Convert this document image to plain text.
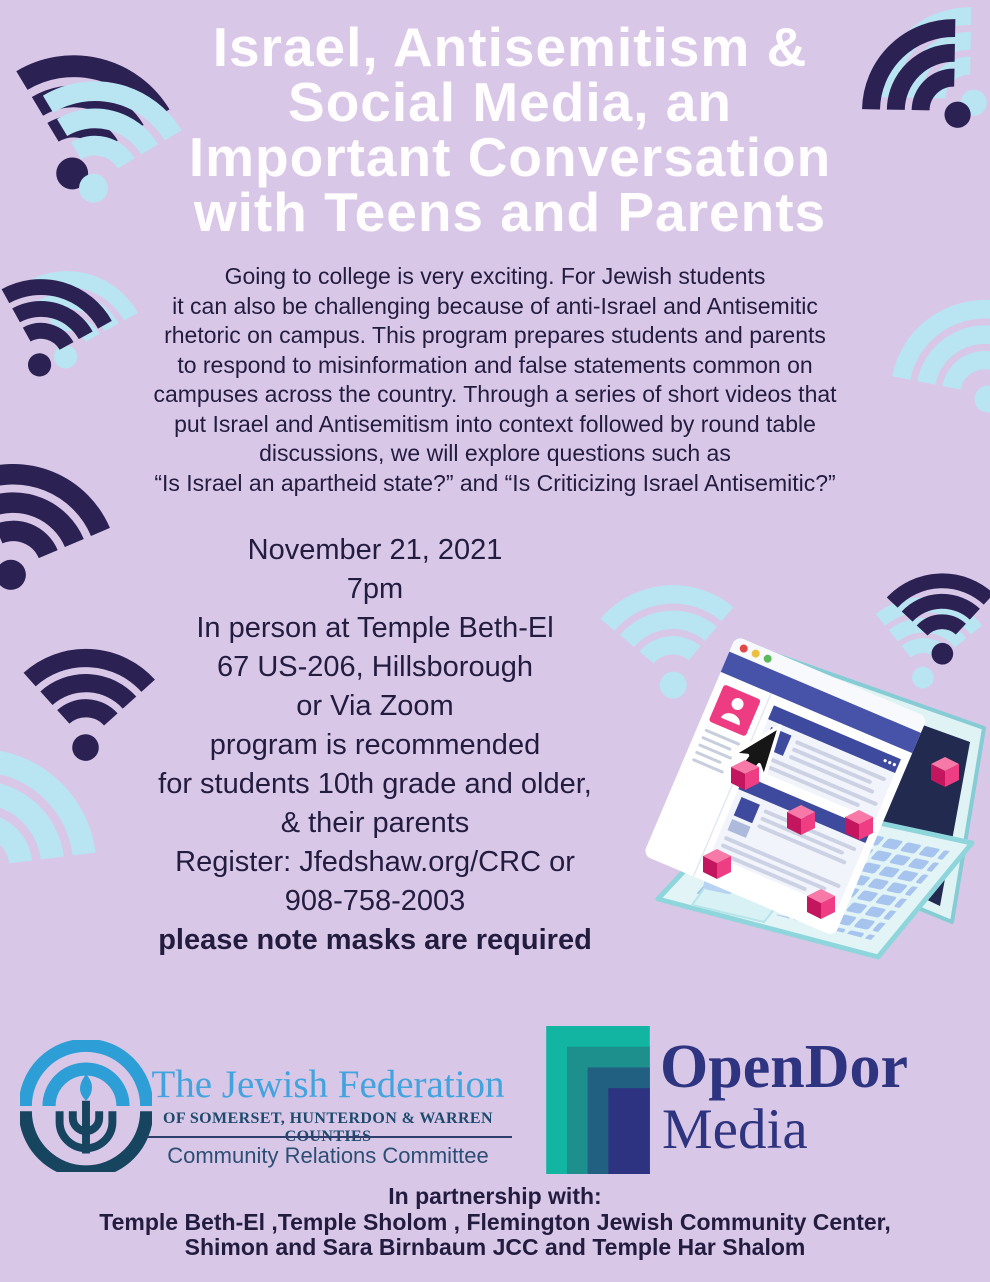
Israel, Antisemitism &
Social Media, an
Important Conversation
with Teens and Parents
Going to college is very exciting. For Jewish students
it can also be challenging because of anti-Israel and Antisemitic
rhetoric on campus. This program prepares students and parents
to respond to misinformation and false statements common on
campuses across the country. Through a series of short videos that
put Israel and Antisemitism into context followed by round table
discussions, we will explore questions such as
“Is Israel an apartheid state?” and “Is Criticizing Israel Antisemitic?”
November 21, 2021
7pm
In person at Temple Beth-El
67 US-206, Hillsborough
or Via Zoom
program is recommended
for students 10th grade and older,
& their parents
Register: Jfedshaw.org/CRC or
908-758-2003
please note masks are required
The Jewish Federation
OF SOMERSET, HUNTERDON & WARREN COUNTIES
Community Relations Committee
OpenDor
Media
In partnership with:
Temple Beth-El ,Temple Sholom , Flemington Jewish Community Center,
Shimon and Sara Birnbaum JCC and Temple Har Shalom
